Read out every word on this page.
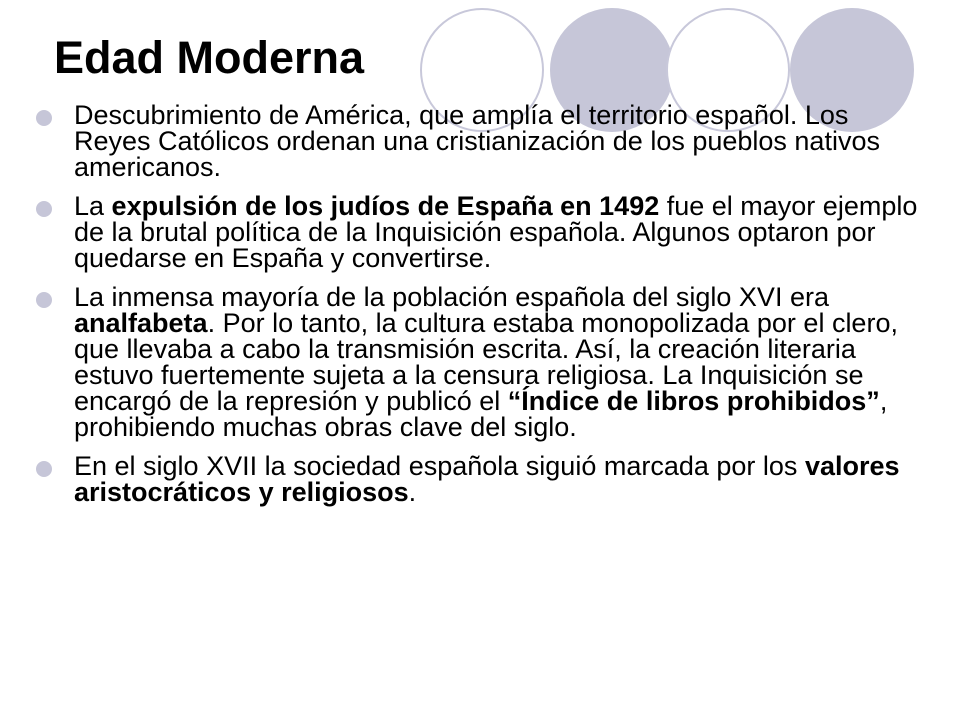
Edad Moderna
Descubrimiento de América, que amplía el territorio español. Los Reyes Católicos ordenan una cristianización de los pueblos nativos americanos.
La expulsión de los judíos de España en 1492 fue el mayor ejemplo de la brutal política de la Inquisición española. Algunos optaron por quedarse en España y convertirse.
La inmensa mayoría de la población española del siglo XVI era analfabeta. Por lo tanto, la cultura estaba monopolizada por el clero, que llevaba a cabo la transmisión escrita. Así, la creación literaria estuvo fuertemente sujeta a la censura religiosa. La Inquisición se encargó de la represión y publicó el “Índice de libros prohibidos”, prohibiendo muchas obras clave del siglo.
En el siglo XVII la sociedad española siguió marcada por los valores aristocráticos y religiosos.
